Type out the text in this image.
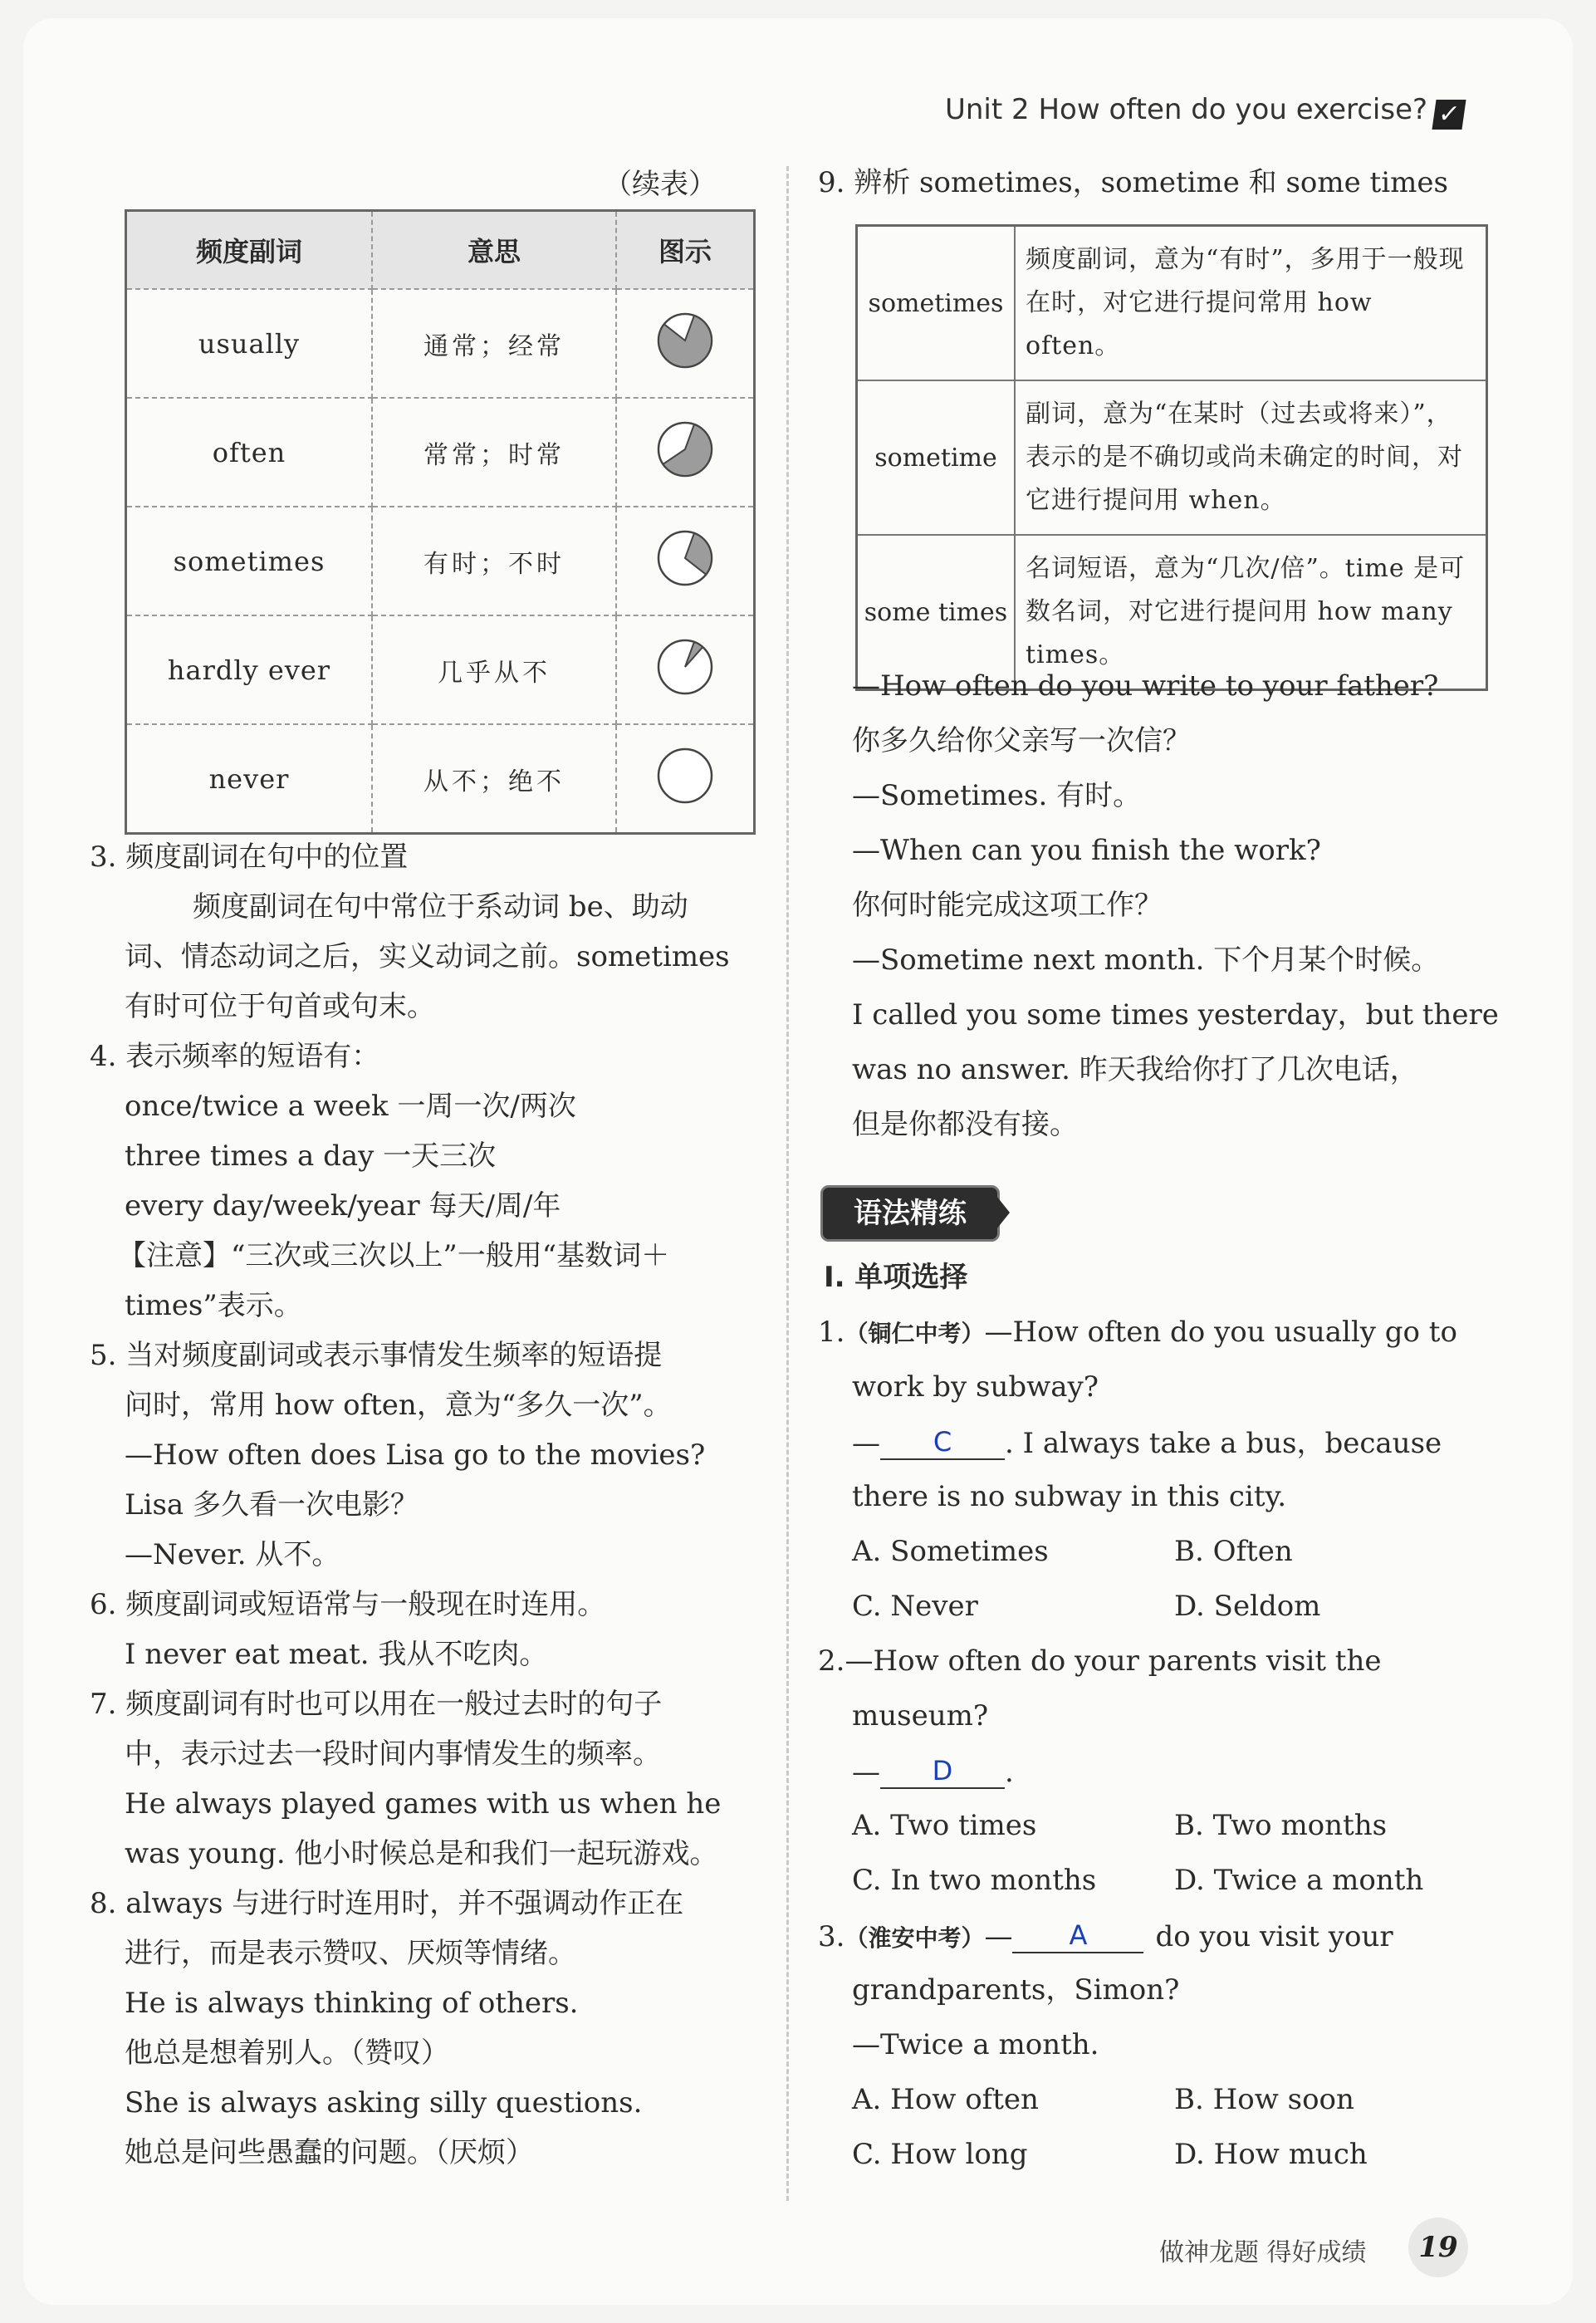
Unit 2 How often do you exercise? ✓
（续表）
频度副词	意思	图示
usually	通常；经常	
often	常常；时常	
sometimes	有时；不时	
hardly ever	几乎从不	
never	从不；绝不	
3. 频度副词在句中的位置
频度副词在句中常位于系动词 be、助动
词、情态动词之后，实义动词之前。sometimes
有时可位于句首或句末。
4. 表示频率的短语有：
once/twice a week 一周一次/两次
three times a day 一天三次
every day/week/year 每天/周/年
【注意】“三次或三次以上”一般用“基数词＋
times”表示。
5. 当对频度副词或表示事情发生频率的短语提
问时，常用 how often，意为“多久一次”。
—How often does Lisa go to the movies?
Lisa 多久看一次电影？
—Never. 从不。
6. 频度副词或短语常与一般现在时连用。
I never eat meat. 我从不吃肉。
7. 频度副词有时也可以用在一般过去时的句子
中，表示过去一段时间内事情发生的频率。
He always played games with us when he
was young. 他小时候总是和我们一起玩游戏。
8. always 与进行时连用时，并不强调动作正在
进行，而是表示赞叹、厌烦等情绪。
He is always thinking of others.
他总是想着别人。（赞叹）
She is always asking silly questions.
她总是问些愚蠢的问题。（厌烦）
9. 辨析 sometimes，sometime 和 some times
sometimes	频度副词，意为“有时”，多用于一般现在时，对它进行提问常用 how often。
sometime	副词，意为“在某时（过去或将来）”，表示的是不确切或尚未确定的时间，对它进行提问用 when。
some times	名词短语，意为“几次/倍”。time 是可数名词，对它进行提问用 how many times。
—How often do you write to your father?
你多久给你父亲写一次信？
—Sometimes. 有时。
—When can you finish the work?
你何时能完成这项工作？
—Sometime next month. 下个月某个时候。
I called you some times yesterday，but there
was no answer. 昨天我给你打了几次电话，
但是你都没有接。
语法精练
Ⅰ. 单项选择
1.（铜仁中考）—How often do you usually go to
work by subway?
— C . I always take a bus，because
there is no subway in this city.
A. Sometimes	B. Often
C. Never	D. Seldom
2.—How often do your parents visit the
museum?
— D .
A. Two times	B. Two months
C. In two months	D. Twice a month
3.（淮安中考）— A do you visit your
grandparents，Simon?
—Twice a month.
A. How often	B. How soon
C. How long	D. How much
做神龙题 得好成绩	19
